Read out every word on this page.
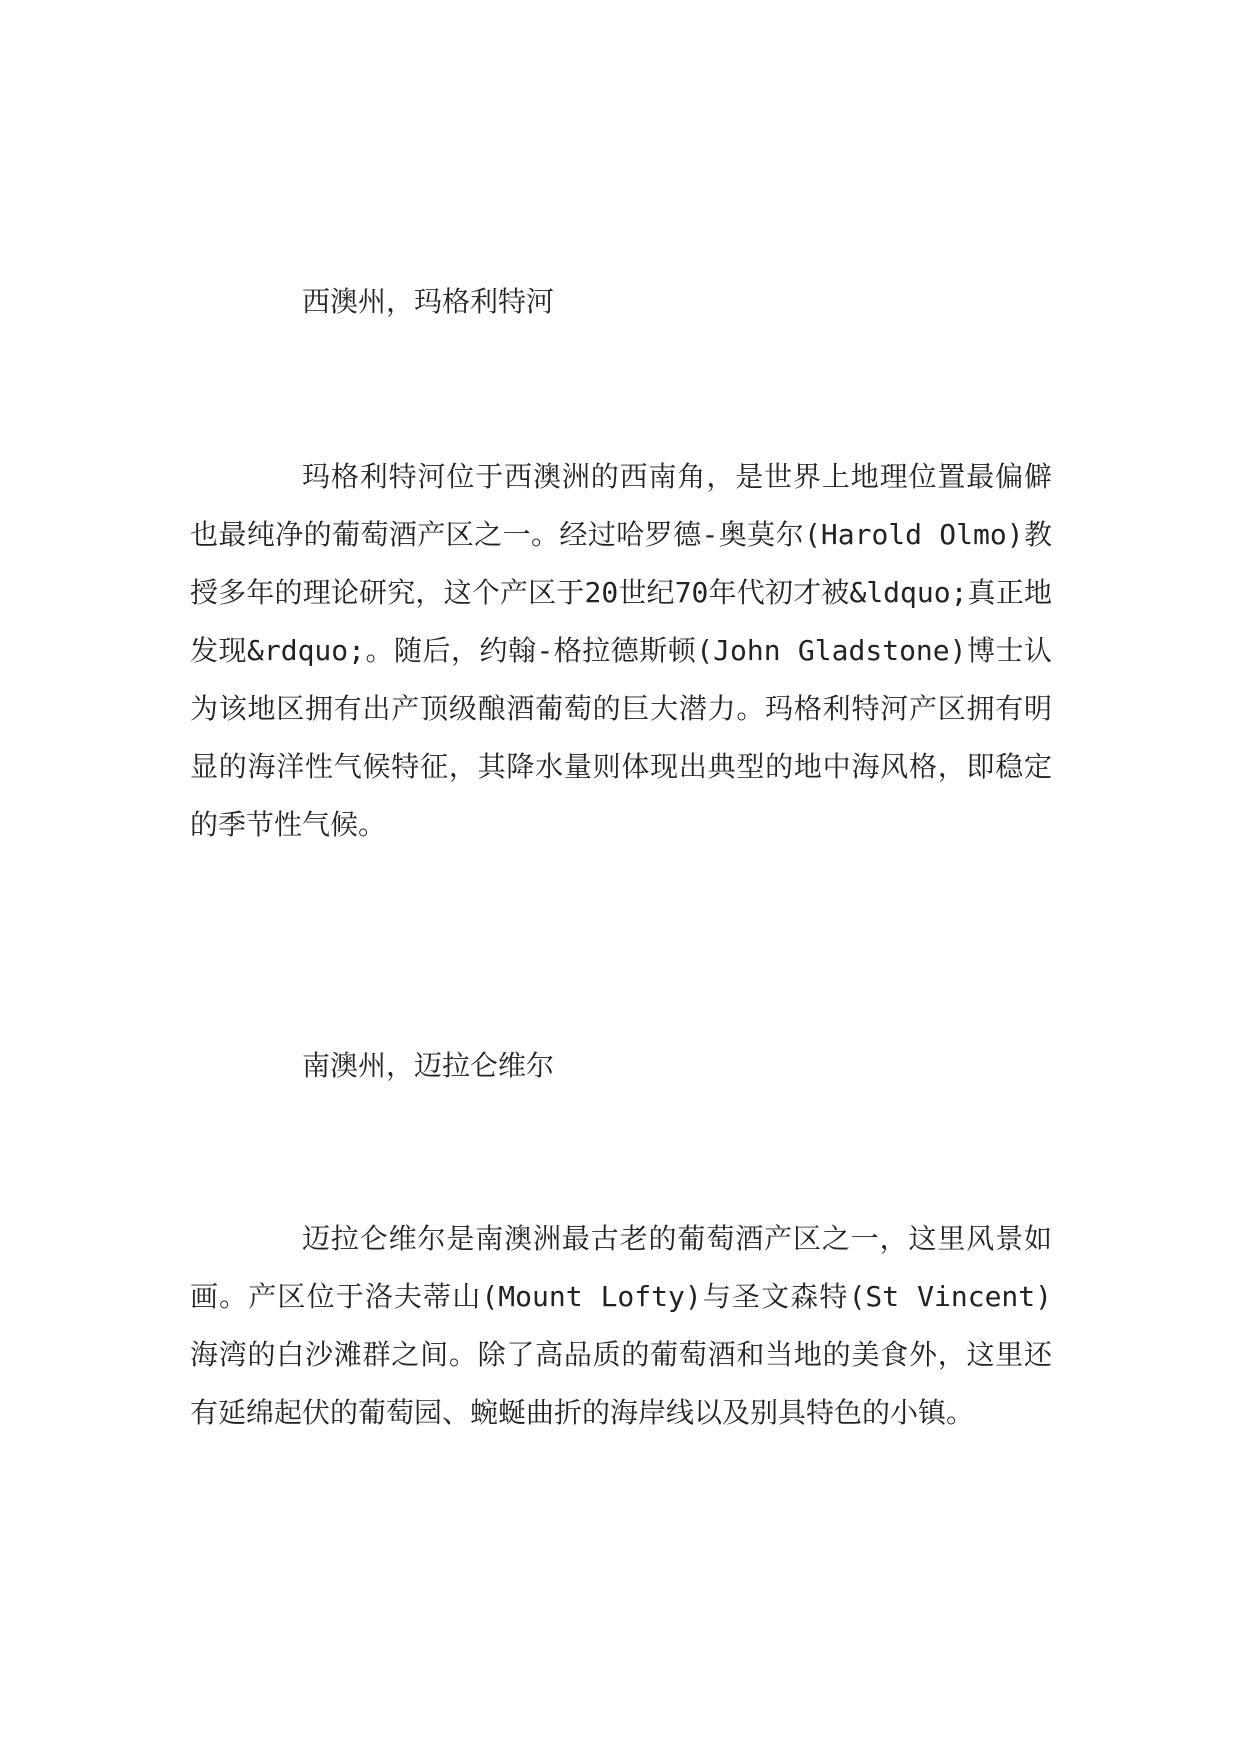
西澳州，玛格利特河

玛格利特河位于西澳洲的西南角，是世界上地理位置最偏僻也最纯净的葡萄酒产区之一。经过哈罗德-奥莫尔(Harold Olmo)教授多年的理论研究，这个产区于20世纪70年代初才被&ldquo;真正地发现&rdquo;。随后，约翰-格拉德斯顿(John Gladstone)博士认为该地区拥有出产顶级酿酒葡萄的巨大潜力。玛格利特河产区拥有明显的海洋性气候特征，其降水量则体现出典型的地中海风格，即稳定的季节性气候。

南澳州，迈拉仑维尔

迈拉仑维尔是南澳洲最古老的葡萄酒产区之一，这里风景如画。产区位于洛夫蒂山(Mount Lofty)与圣文森特(St Vincent)海湾的白沙滩群之间。除了高品质的葡萄酒和当地的美食外，这里还有延绵起伏的葡萄园、蜿蜒曲折的海岸线以及别具特色的小镇。
